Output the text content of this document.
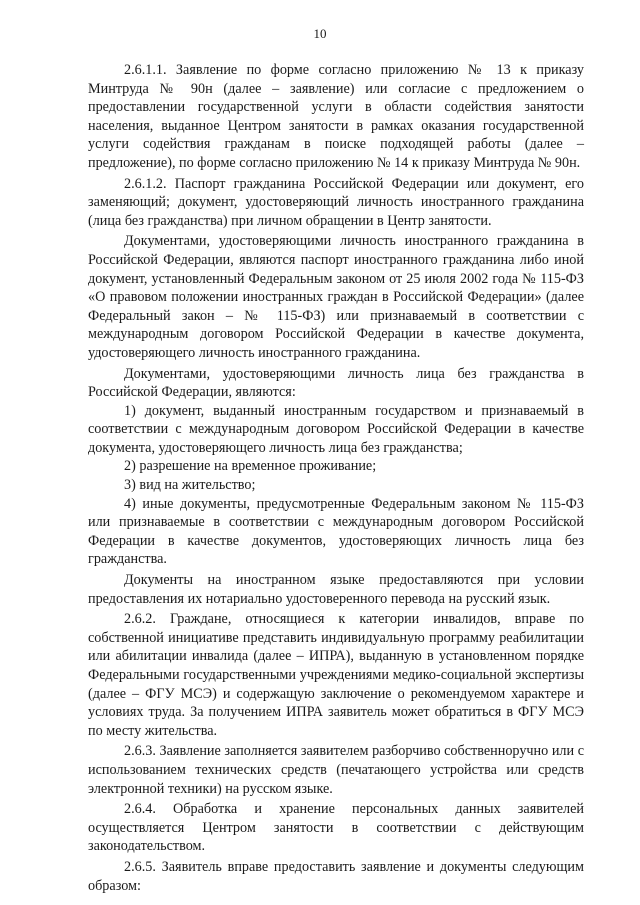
10

2.6.1.1. Заявление по форме согласно приложению № 13 к приказу Минтруда № 90н (далее – заявление) или согласие с предложением о предоставлении государственной услуги в области содействия занятости населения, выданное Центром занятости в рамках оказания государственной услуги содействия гражданам в поиске подходящей работы (далее – предложение), по форме согласно приложению № 14 к приказу Минтруда № 90н.

2.6.1.2. Паспорт гражданина Российской Федерации или документ, его заменяющий; документ, удостоверяющий личность иностранного гражданина (лица без гражданства) при личном обращении в Центр занятости.

Документами, удостоверяющими личность иностранного гражданина в Российской Федерации, являются паспорт иностранного гражданина либо иной документ, установленный Федеральным законом от 25 июля 2002 года № 115-ФЗ «О правовом положении иностранных граждан в Российской Федерации» (далее Федеральный закон – № 115-ФЗ) или признаваемый в соответствии с международным договором Российской Федерации в качестве документа, удостоверяющего личность иностранного гражданина.

Документами, удостоверяющими личность лица без гражданства в Российской Федерации, являются:

1) документ, выданный иностранным государством и признаваемый в соответствии с международным договором Российской Федерации в качестве документа, удостоверяющего личность лица без гражданства;

2) разрешение на временное проживание;

3) вид на жительство;

4) иные документы, предусмотренные Федеральным законом № 115-ФЗ или признаваемые в соответствии с международным договором Российской Федерации в качестве документов, удостоверяющих личность лица без гражданства.

Документы на иностранном языке предоставляются при условии предоставления их нотариально удостоверенного перевода на русский язык.

2.6.2. Граждане, относящиеся к категории инвалидов, вправе по собственной инициативе представить индивидуальную программу реабилитации или абилитации инвалида (далее – ИПРА), выданную в установленном порядке Федеральными государственными учреждениями медико-социальной экспертизы (далее – ФГУ МСЭ) и содержащую заключение о рекомендуемом характере и условиях труда. За получением ИПРА заявитель может обратиться в ФГУ МСЭ по месту жительства.

2.6.3. Заявление заполняется заявителем разборчиво собственноручно или с использованием технических средств (печатающего устройства или средств электронной техники) на русском языке.

2.6.4. Обработка и хранение персональных данных заявителей осуществляется Центром занятости в соответствии с действующим законодательством.

2.6.5. Заявитель вправе предоставить заявление и документы следующим образом:
